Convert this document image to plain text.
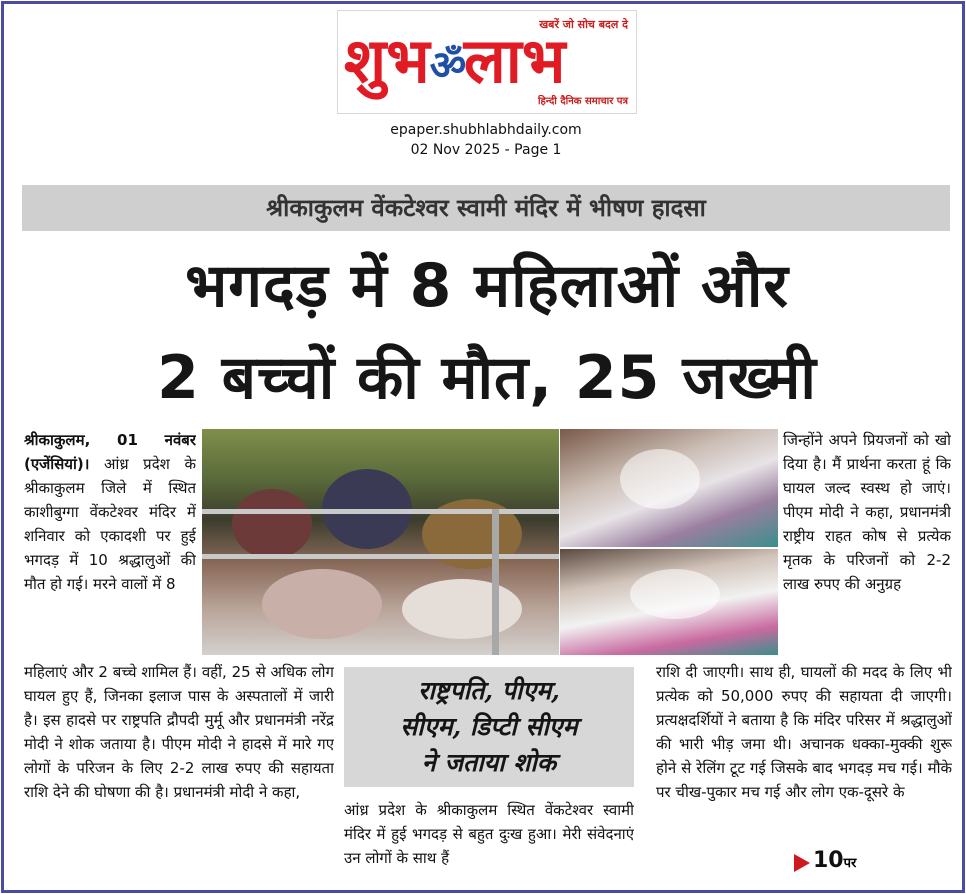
खबरें जो सोच बदल दे
शुभॐलाभ
हिन्दी दैनिक समाचार पत्र
epaper.shubhlabhdaily.com
02 Nov 2025 - Page 1
श्रीकाकुलम वेंकटेश्वर स्वामी मंदिर में भीषण हादसा
भगदड़ में 8 महिलाओं और
2 बच्चों की मौत, 25 जख्मी
श्रीकाकुलम, 01 नवंबर (एजेंसियां)। आंध्र प्रदेश के श्रीकाकुलम जिले में स्थित काशीबुग्गा वेंकटेश्वर मंदिर में शनिवार को एकादशी पर हुई भगदड़ में 10 श्रद्धालुओं की मौत हो गई। मरने वालों में 8
जिन्होंने अपने प्रियजनों को खो दिया है। मैं प्रार्थना करता हूं कि घायल जल्द स्वस्थ हो जाएं। पीएम मोदी ने कहा, प्रधानमंत्री राष्ट्रीय राहत कोष से प्रत्येक मृतक के परिजनों को 2-2 लाख रुपए की अनुग्रह
महिलाएं और 2 बच्चे शामिल हैं। वहीं, 25 से अधिक लोग घायल हुए हैं, जिनका इलाज पास के अस्पतालों में जारी है। इस हादसे पर राष्ट्रपति द्रौपदी मुर्मू और प्रधानमंत्री नरेंद्र मोदी ने शोक जताया है। पीएम मोदी ने हादसे में मारे गए लोगों के परिजन के लिए 2-2 लाख रुपए की सहायता राशि देने की घोषणा की है। प्रधानमंत्री मोदी ने कहा,
राष्ट्रपति, पीएम,
सीएम, डिप्टी सीएम
ने जताया शोक
आंध्र प्रदेश के श्रीकाकुलम स्थित वेंकटेश्वर स्वामी मंदिर में हुई भगदड़ से बहुत दुःख हुआ। मेरी संवेदनाएं उन लोगों के साथ हैं
राशि दी जाएगी। साथ ही, घायलों की मदद के लिए भी प्रत्येक को 50,000 रुपए की सहायता दी जाएगी। प्रत्यक्षदर्शियों ने बताया है कि मंदिर परिसर में श्रद्धालुओं की भारी भीड़ जमा थी। अचानक धक्का-मुक्की शुरू होने से रेलिंग टूट गई जिसके बाद भगदड़ मच गई। मौके पर चीख-पुकार मच गई और लोग एक-दूसरे के
10पर
